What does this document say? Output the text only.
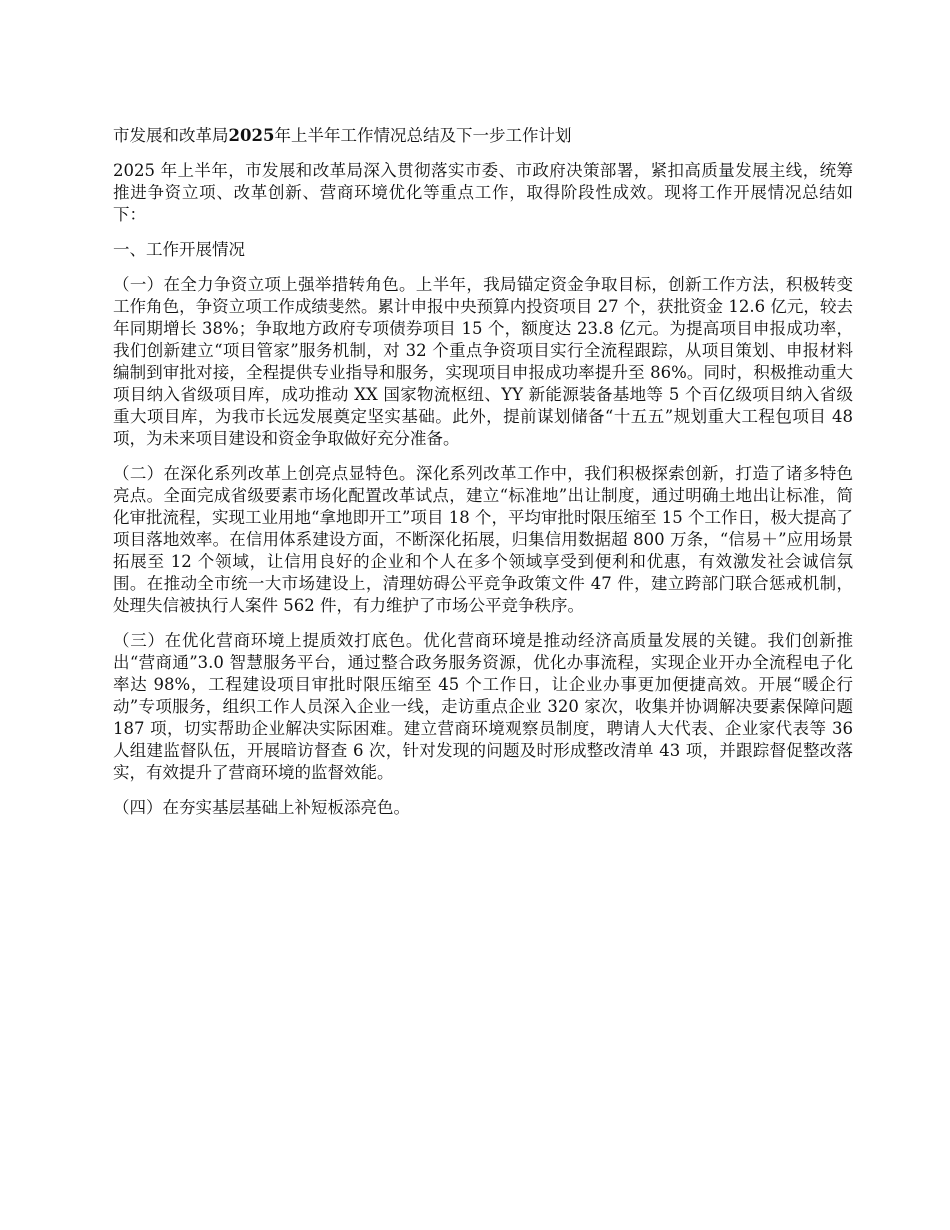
市发展和改革局2025年上半年工作情况总结及下一步工作计划

2025 年上半年，市发展和改革局深入贯彻落实市委、市政府决策部署，紧扣高质量发展主线，统筹推进争资立项、改革创新、营商环境优化等重点工作，取得阶段性成效。现将工作开展情况总结如下：

一、工作开展情况

（一）在全力争资立项上强举措转角色。上半年，我局锚定资金争取目标，创新工作方法，积极转变工作角色，争资立项工作成绩斐然。累计申报中央预算内投资项目 27 个，获批资金 12.6 亿元，较去年同期增长 38%；争取地方政府专项债券项目 15 个，额度达 23.8 亿元。为提高项目申报成功率，我们创新建立“项目管家”服务机制，对 32 个重点争资项目实行全流程跟踪，从项目策划、申报材料编制到审批对接，全程提供专业指导和服务，实现项目申报成功率提升至 86%。同时，积极推动重大项目纳入省级项目库，成功推动 XX 国家物流枢纽、YY 新能源装备基地等 5 个百亿级项目纳入省级重大项目库，为我市长远发展奠定坚实基础。此外，提前谋划储备“十五五”规划重大工程包项目 48 项，为未来项目建设和资金争取做好充分准备。

（二）在深化系列改革上创亮点显特色。深化系列改革工作中，我们积极探索创新，打造了诸多特色亮点。全面完成省级要素市场化配置改革试点，建立“标准地”出让制度，通过明确土地出让标准，简化审批流程，实现工业用地“拿地即开工”项目 18 个，平均审批时限压缩至 15 个工作日，极大提高了项目落地效率。在信用体系建设方面，不断深化拓展，归集信用数据超 800 万条，“信易＋”应用场景拓展至 12 个领域，让信用良好的企业和个人在多个领域享受到便利和优惠，有效激发社会诚信氛围。在推动全市统一大市场建设上，清理妨碍公平竞争政策文件 47 件，建立跨部门联合惩戒机制，处理失信被执行人案件 562 件，有力维护了市场公平竞争秩序。

（三）在优化营商环境上提质效打底色。优化营商环境是推动经济高质量发展的关键。我们创新推出“营商通”3.0 智慧服务平台，通过整合政务服务资源，优化办事流程，实现企业开办全流程电子化率达 98%，工程建设项目审批时限压缩至 45 个工作日，让企业办事更加便捷高效。开展“暖企行动”专项服务，组织工作人员深入企业一线，走访重点企业 320 家次，收集并协调解决要素保障问题 187 项，切实帮助企业解决实际困难。建立营商环境观察员制度，聘请人大代表、企业家代表等 36 人组建监督队伍，开展暗访督查 6 次，针对发现的问题及时形成整改清单 43 项，并跟踪督促整改落实，有效提升了营商环境的监督效能。

（四）在夯实基层基础上补短板添亮色。
